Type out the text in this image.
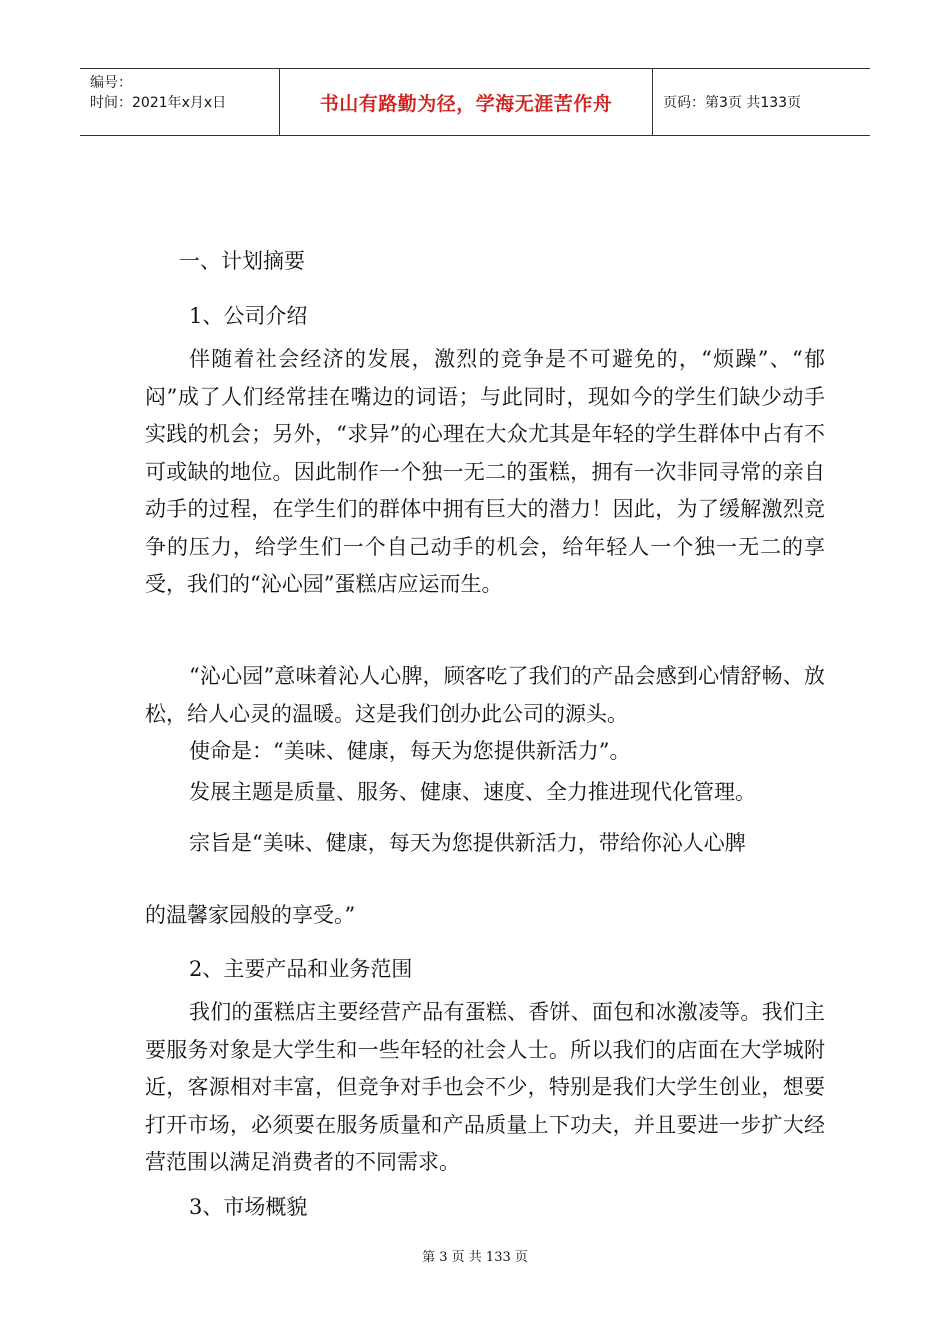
编号：
时间：2021年x月x日	书山有路勤为径，学海无涯苦作舟	页码：第3页 共133页
一、计划摘要
1、公司介绍
伴随着社会经济的发展，激烈的竞争是不可避免的，“烦躁”、“郁闷”成了人们经常挂在嘴边的词语；与此同时，现如今的学生们缺少动手实践的机会；另外，“求异”的心理在大众尤其是年轻的学生群体中占有不可或缺的地位。因此制作一个独一无二的蛋糕，拥有一次非同寻常的亲自动手的过程，在学生们的群体中拥有巨大的潜力！因此，为了缓解激烈竞争的压力，给学生们一个自己动手的机会，给年轻人一个独一无二的享受，我们的“沁心园”蛋糕店应运而生。
“沁心园”意味着沁人心脾，顾客吃了我们的产品会感到心情舒畅、放松，给人心灵的温暖。这是我们创办此公司的源头。
使命是：“美味、健康，每天为您提供新活力”。
发展主题是质量、服务、健康、速度、全力推进现代化管理。
宗旨是“美味、健康，每天为您提供新活力，带给你沁人心脾
的温馨家园般的享受。”
2、主要产品和业务范围
我们的蛋糕店主要经营产品有蛋糕、香饼、面包和冰激凌等。我们主要服务对象是大学生和一些年轻的社会人士。所以我们的店面在大学城附近，客源相对丰富，但竞争对手也会不少，特别是我们大学生创业，想要打开市场，必须要在服务质量和产品质量上下功夫，并且要进一步扩大经营范围以满足消费者的不同需求。
3、市场概貌
第 3 页 共 133 页
